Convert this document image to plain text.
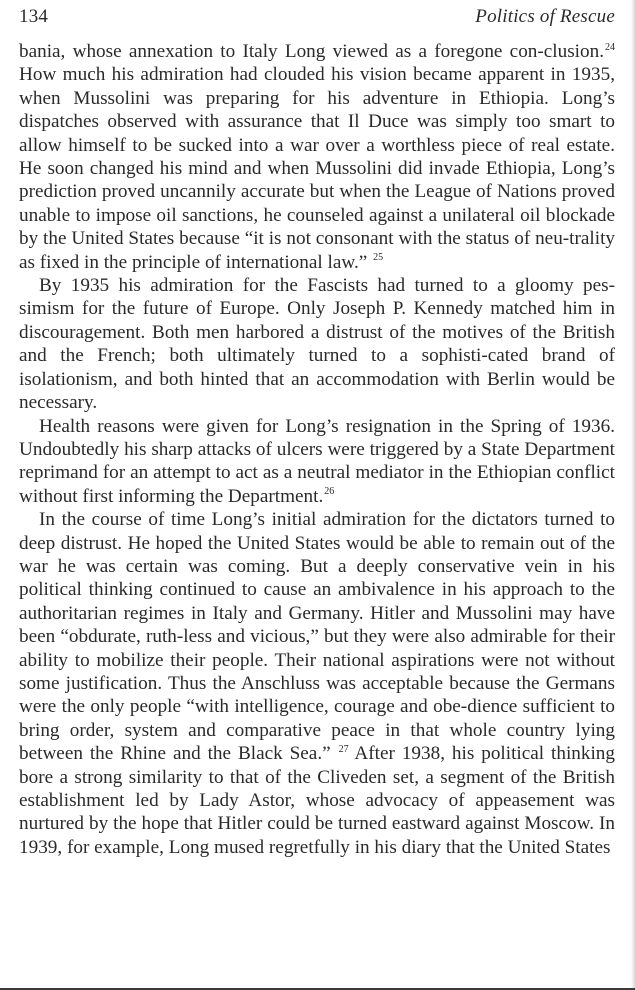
134	Politics of Rescue

bania, whose annexation to Italy Long viewed as a foregone con-clusion.$^{24}$ How much his admiration had clouded his vision became apparent in 1935, when Mussolini was preparing for his adventure in Ethiopia. Long’s dispatches observed with assurance that Il Duce was simply too smart to allow himself to be sucked into a war over a worthless piece of real estate. He soon changed his mind and when Mussolini did invade Ethiopia, Long’s prediction proved uncannily accurate but when the League of Nations proved unable to impose oil sanctions, he counseled against a unilateral oil blockade by the United States because “it is not consonant with the status of neu-trality as fixed in the principle of international law.” $^{25}$

By 1935 his admiration for the Fascists had turned to a gloomy pes-simism for the future of Europe. Only Joseph P. Kennedy matched him in discouragement. Both men harbored a distrust of the motives of the British and the French; both ultimately turned to a sophisti-cated brand of isolationism, and both hinted that an accommodation with Berlin would be necessary.

Health reasons were given for Long’s resignation in the Spring of 1936. Undoubtedly his sharp attacks of ulcers were triggered by a State Department reprimand for an attempt to act as a neutral mediator in the Ethiopian conflict without first informing the Department.$^{26}$

In the course of time Long’s initial admiration for the dictators turned to deep distrust. He hoped the United States would be able to remain out of the war he was certain was coming. But a deeply conservative vein in his political thinking continued to cause an ambivalence in his approach to the authoritarian regimes in Italy and Germany. Hitler and Mussolini may have been “obdurate, ruth-less and vicious,” but they were also admirable for their ability to mobilize their people. Their national aspirations were not without some justification. Thus the Anschluss was acceptable because the Germans were the only people “with intelligence, courage and obe-dience sufficient to bring order, system and comparative peace in that whole country lying between the Rhine and the Black Sea.” $^{27}$ After 1938, his political thinking bore a strong similarity to that of the Cliveden set, a segment of the British establishment led by Lady Astor, whose advocacy of appeasement was nurtured by the hope that Hitler could be turned eastward against Moscow. In 1939, for example, Long mused regretfully in his diary that the United States
